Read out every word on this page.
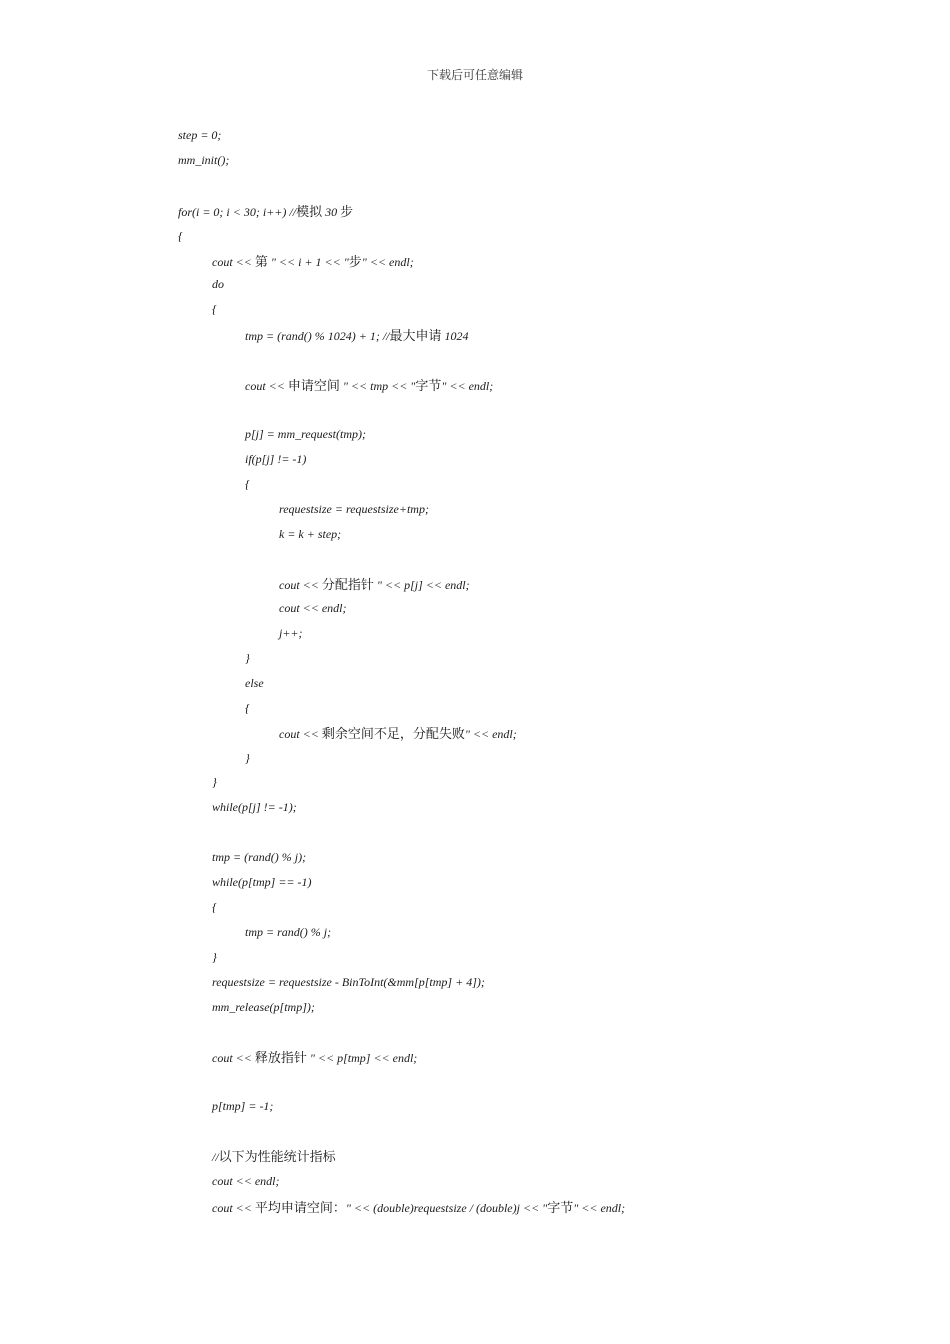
下载后可任意编辑
step = 0;
mm_init();
for(i = 0; i < 30; i++) //模拟 30 步
{
cout << 第 " << i + 1 << "步" << endl;
do
{
tmp = (rand() % 1024) + 1; //最大申请 1024
cout << 申请空间 " << tmp << "字节" << endl;
p[j] = mm_request(tmp);
if(p[j] != -1)
{
requestsize = requestsize+tmp;
k = k + step;
cout << 分配指针 " << p[j] << endl;
cout << endl;
j++;
}
else
{
cout << 剩余空间不足，分配失败" << endl;
}
}
while(p[j] != -1);
tmp = (rand() % j);
while(p[tmp] == -1)
{
tmp = rand() % j;
}
requestsize = requestsize - BinToInt(&mm[p[tmp] + 4]);
mm_release(p[tmp]);
cout << 释放指针 " << p[tmp] << endl;
p[tmp] = -1;
//以下为性能统计指标
cout << endl;
cout << 平均申请空间：" << (double)requestsize / (double)j << "字节" << endl;
